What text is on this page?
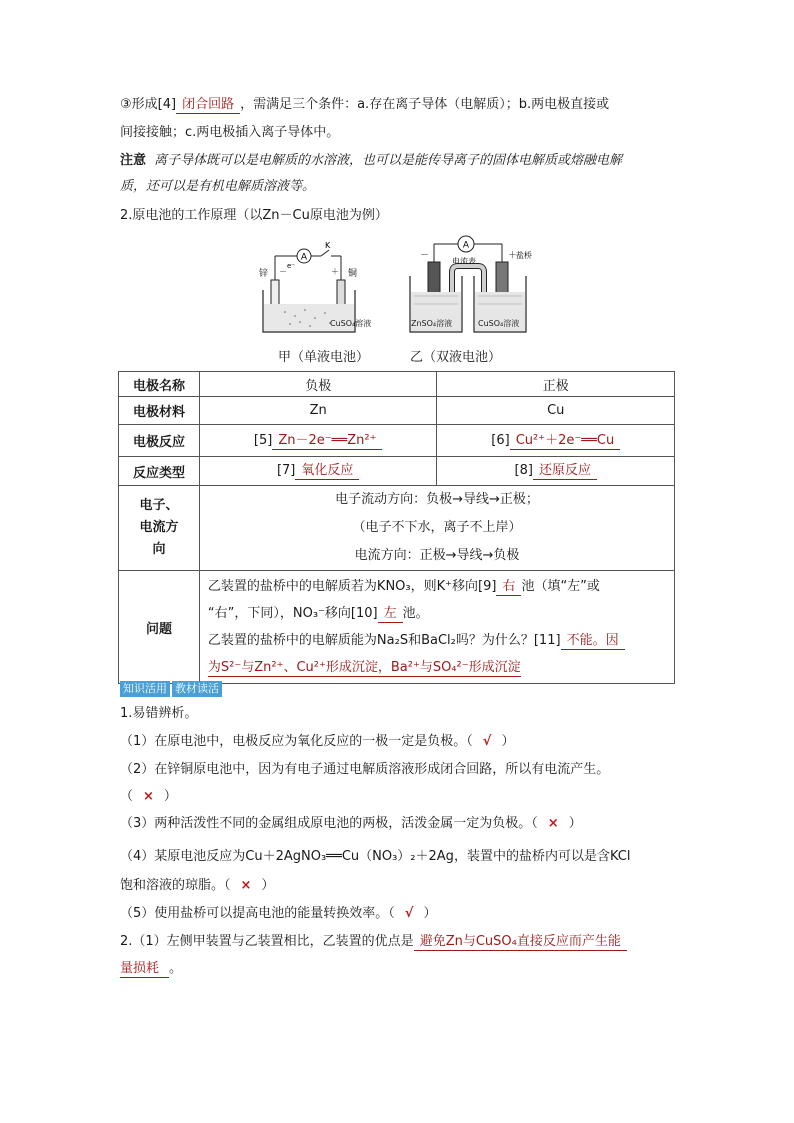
③形成[4] 闭合回路 ，需满足三个条件：a.存在离子导体（电解质）；b.两电极直接或
间接接触；c.两电极插入离子导体中。
注意 离子导体既可以是电解质的水溶液，也可以是能传导离子的固体电解质或熔融电解
质，还可以是有机电解质溶液等。
2.原电池的工作原理（以Zn－Cu原电池为例）
A
K
e⁻
锌	铜
－	＋
CuSO₄溶液
A
－	＋
电流表
盐桥
ZnSO₄溶液	CuSO₄溶液
甲（单液电池）	乙（双液电池）
电极名称	负极	正极
电极材料	Zn	Cu
电极反应	[5] Zn－2e⁻══Zn²⁺	[6] Cu²⁺＋2e⁻══Cu
反应类型	[7] 氧化反应	[8] 还原反应
电子、电流方向	电子流动方向：负极→导线→正极；
（电子不下水，离子不上岸）
电流方向：正极→导线→负极	

问题	乙装置的盐桥中的电解质若为KNO₃，则K⁺移向[9] 右 池（填“左”或
“右”，下同），NO₃⁻移向[10] 左 池。
乙装置的盐桥中的电解质能为Na₂S和BaCl₂吗？为什么？[11] 不能。因
为S²⁻与Zn²⁺、Cu²⁺形成沉淀，Ba²⁺与SO₄²⁻形成沉淀	
知识活用 教材读活
1.易错辨析。
（1）在原电池中，电极反应为氧化反应的一极一定是负极。（ √ ）
（2）在锌铜原电池中，因为有电子通过电解质溶液形成闭合回路，所以有电流产生。
（ × ）
（3）两种活泼性不同的金属组成原电池的两极，活泼金属一定为负极。（ × ）
（4）某原电池反应为Cu＋2AgNO₃══Cu（NO₃）₂＋2Ag，装置中的盐桥内可以是含KCl
饱和溶液的琼脂。（ × ）
（5）使用盐桥可以提高电池的能量转换效率。（ √ ）
2.（1）左侧甲装置与乙装置相比，乙装置的优点是 避免Zn与CuSO₄直接反应而产生能
量损耗 。
